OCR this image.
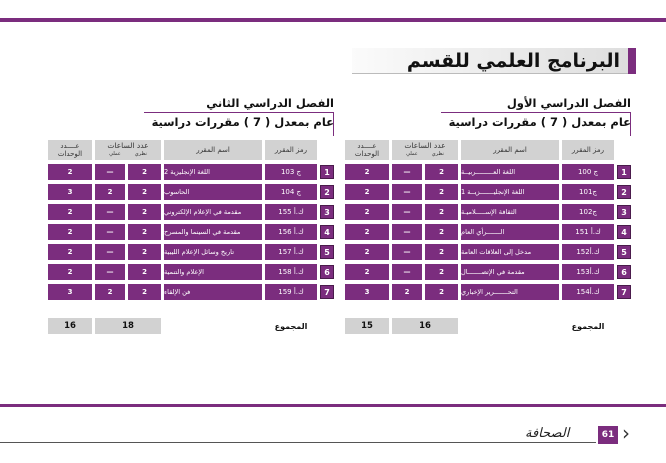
البرنامج العلمي للقسم
الفصل الدراسي الأول
عام بمعدل ( 7 ) مقررات دراسية
عــــدد الوحدات
عدد الساعات
عملي	نظري	اسم المقرر	رمز المقرر
2	—	2	اللغة العـــــــــربيــة	ج 100	1
2	—	2	اللغة الإنجليـــــــزيــة 1	ج101	2
2	—	2	الثقافة الإســـــلاميـة	ج102	3
2	—	2	الـــــــرأي العام	ك.أ 151	4
2	—	2	مدخل إلى العلاقات العامة	ك.أ152	5
2	—	2	مقدمة في الإتصـــــــال	ك.أ153	6
3	2	2	التحـــــــرير الإخباري	ك.أ154	7
15	16	المجموع
الفصل الدراسي الثاني
عام بمعدل ( 7 ) مقررات دراسية
عــــدد الوحدات
عدد الساعات
عملي	نظري	اسم المقرر	رمز المقرر
2	—	2	اللغة الإنجليزية 2	ج 103	1
3	2	2	الحاسوب	ج 104	2
2	—	2	مقدمة في الإعلام الإلكتروني	ك.أ 155	3
2	—	2	مقدمة في السينما والمسرح	ك.أ 156	4
2	—	2	تاريخ وسائل الإعلام الليبية	ك.أ 157	5
2	—	2	الإعلام والتنمية	ك.أ 158	6
3	2	2	فن الإلقاء	ك.أ 159	7
16	18	المجموع
الصحافة	61 ›
